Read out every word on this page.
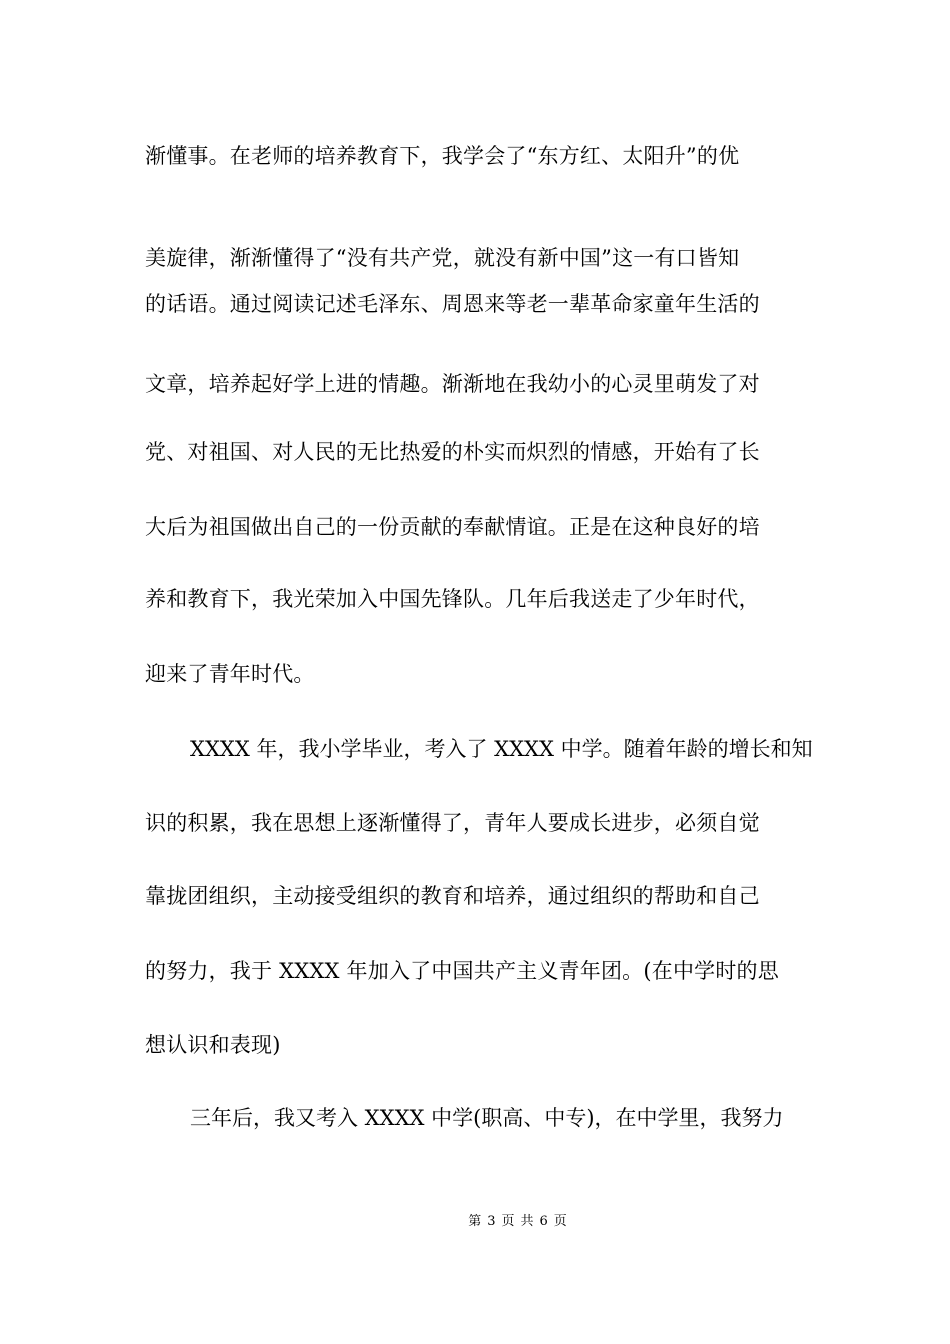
渐懂事。在老师的培养教育下，我学会了“东方红、太阳升”的优

美旋律，渐渐懂得了“没有共产党，就没有新中国”这一有口皆知

的话语。通过阅读记述毛泽东、周恩来等老一辈革命家童年生活的

文章，培养起好学上进的情趣。渐渐地在我幼小的心灵里萌发了对

党、对祖国、对人民的无比热爱的朴实而炽烈的情感，开始有了长

大后为祖国做出自己的一份贡献的奉献情谊。正是在这种良好的培

养和教育下，我光荣加入中国先锋队。几年后我送走了少年时代，

迎来了青年时代。

XXXX 年，我小学毕业，考入了 XXXX 中学。随着年龄的增长和知

识的积累，我在思想上逐渐懂得了，青年人要成长进步，必须自觉

靠拢团组织，主动接受组织的教育和培养，通过组织的帮助和自己

的努力，我于 XXXX 年加入了中国共产主义青年团。(在中学时的思

想认识和表现)

三年后，我又考入 XXXX 中学(职高、中专)，在中学里，我努力

第 3 页 共 6 页
